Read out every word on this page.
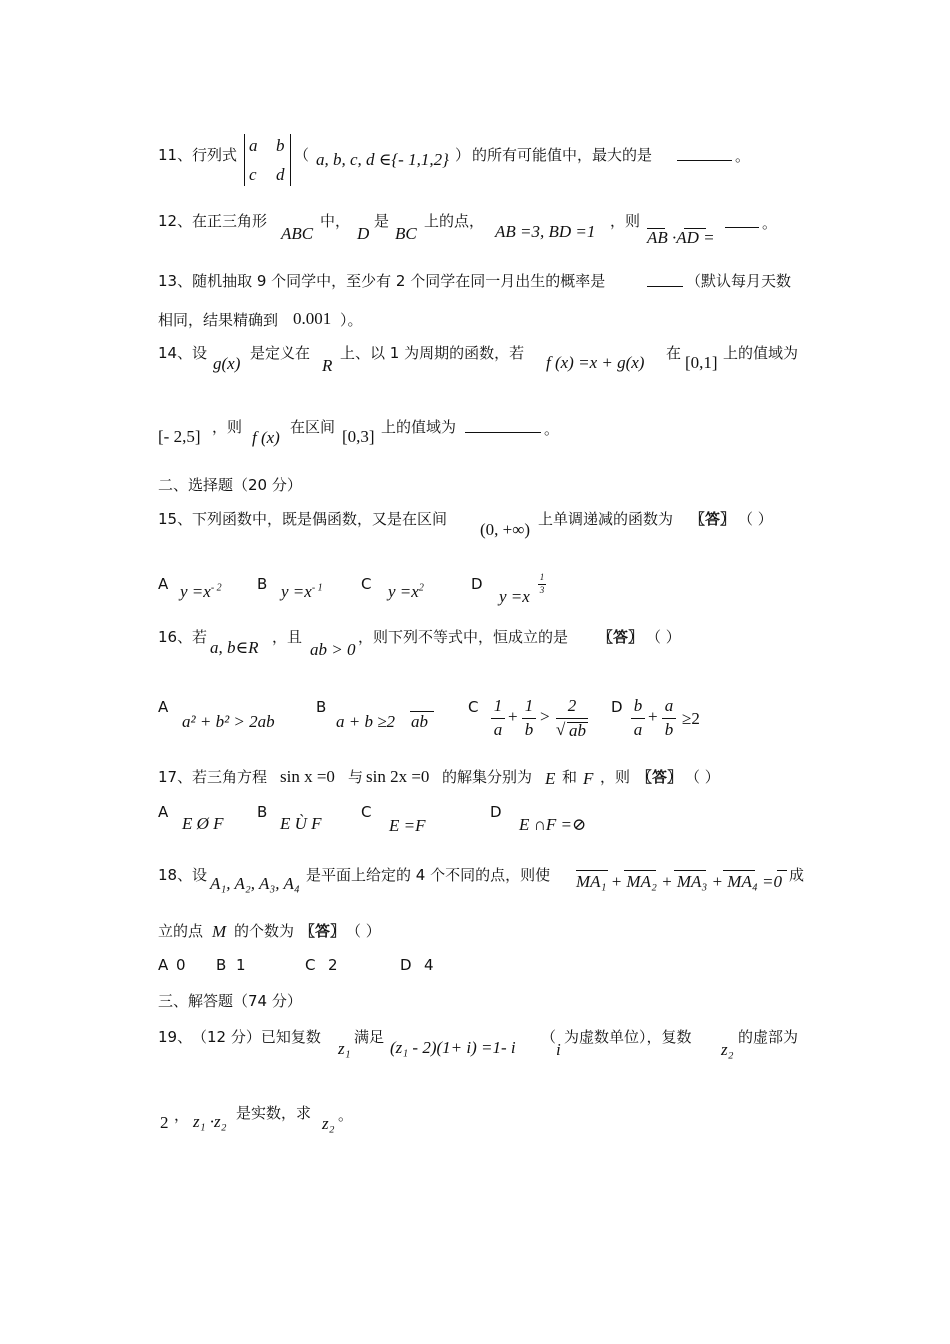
11、 行列式 a b
c d
（ a, b, c, d ∈{- 1,1,2} ） 的所有可能值中，最大的是	。
12、 在正三角形
ABC
中，
D
是
BC
上的点，
AB =3, BD =1
，则
AB ·AD =
。
13、随机抽取 9 个同学中，至少有 2 个同学在同一月出生的概率是	（默认每月天数
相同，结果精确到 0.001 ）。
14、 设
g(x)
是定义在
R
上、以 1 为周期的函数，若 f (x) =x + g(x) 在 [0,1] 上的值域为
[- 2,5] ，则
f (x)
在区间 [0,3] 上的值域为	。
二、选择题（20 分）
15、 下列函数中，既是偶函数，又是在区间
(0, +∞)
上单调递减的函数为 〖答〗 （ ）
A $y =x^{- 2}$ B $y =x^{- 1}$	C $y =x^2$	D
y =x
1
3
16、 若
a, b∈R
，且
ab > 0
，则下列不等式中，恒成立的是 〖答〗 （ ）
A
a² + b² > 2ab
B
a + b ≥2 ab
C 1
a
+
1
b
>
2
√ ab
D b
a
+
a
b
≥2
17、 若三角方程 sin x =0 与 sin 2x =0 的解集分别为 E 和 F ，则 〖答〗 （ ）
A
E Ø F
B
E Ù F
C
E =F
D
E ∩F =⊘
18、 设 A₁, A₂, A₃, A₄ 是平面上给定的 4 个不同的点，则使 MA₁ + MA₂ + MA₃ + MA₄ =0 成
立的点 M 的个数为 〖答〗 （ ）
A 0 B 1	C 2	D 4
三、解答题（74 分）
19、 （12 分）已知复数
z₁
满足
(z₁ - 2)(1+ i) =1- i
（
i
为虚数单位），复数
z₂
的虚部为
2 ， z₁ ·z₂ 是实数，求
z₂ 。
